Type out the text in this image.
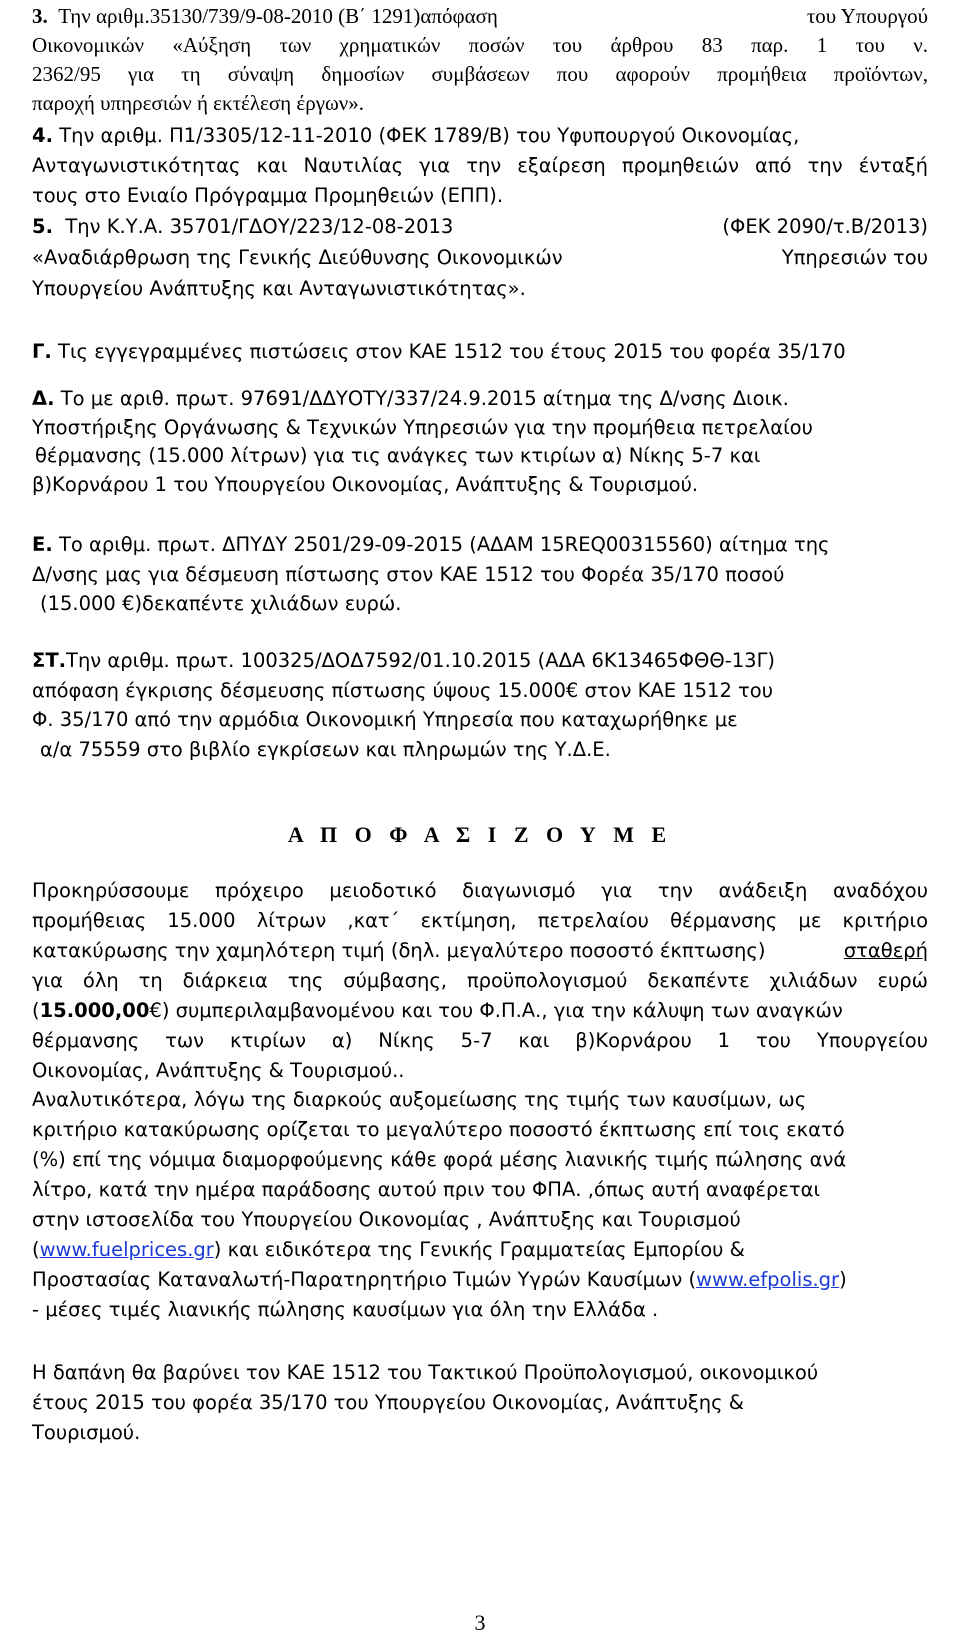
3. Την αριθμ.35130/739/9-08-2010 (Β΄ 1291)απόφαση	του Υπουργού
Οικονομικών «Αύξηση των χρηματικών ποσών του άρθρου 83 παρ. 1 του ν.
2362/95 για τη σύναψη δημοσίων συμβάσεων που αφορούν προμήθεια προϊόντων,
παροχή υπηρεσιών ή εκτέλεση έργων».
4. Την αριθμ. Π1/3305/12-11-2010 (ΦΕΚ 1789/Β) του Υφυπουργού Οικονομίας,
Ανταγωνιστικότητας και Ναυτιλίας για την εξαίρεση προμηθειών από την ένταξή
τους στο Ενιαίο Πρόγραμμα Προμηθειών (ΕΠΠ).
5. Την Κ.Υ.Α. 35701/ΓΔΟΥ/223/12-08-2013	(ΦΕΚ 2090/τ.Β/2013)
«Αναδιάρθρωση της Γενικής Διεύθυνσης Οικονομικών	Υπηρεσιών του
Υπουργείου Ανάπτυξης και Ανταγωνιστικότητας».
Γ. Τις εγγεγραμμένες πιστώσεις στον ΚΑΕ 1512 του έτους 2015 του φορέα 35/170
Δ. Το με αριθ. πρωτ. 97691/ΔΔΥΟΤΥ/337/24.9.2015 αίτημα της Δ/νσης Διοικ.
Υποστήριξης Οργάνωσης & Τεχνικών Υπηρεσιών για την προμήθεια πετρελαίου
θέρμανσης (15.000 λίτρων) για τις ανάγκες των κτιρίων α) Νίκης 5-7 και
β)Κορνάρου 1 του Υπουργείου Οικονομίας, Ανάπτυξης & Τουρισμού.
Ε. Το αριθμ. πρωτ. ΔΠΥΔΥ 2501/29-09-2015 (ΑΔΑΜ 15REQ00315560) αίτημα της
Δ/νσης μας για δέσμευση πίστωσης στον ΚΑΕ 1512 του Φορέα 35/170 ποσού
(15.000 €)δεκαπέντε χιλιάδων ευρώ.
ΣΤ.Την αριθμ. πρωτ. 100325/ΔΟΔ7592/01.10.2015 (ΑΔΑ 6Κ13465ΦΘΘ-13Γ)
απόφαση έγκρισης δέσμευσης πίστωσης ύψους 15.000€ στον ΚΑΕ 1512 του
Φ. 35/170 από την αρμόδια Οικονομική Υπηρεσία που καταχωρήθηκε με
α/α 75559 στο βιβλίο εγκρίσεων και πληρωμών της Υ.Δ.Ε.
Α Π Ο Φ Α Σ Ι Ζ Ο Υ Μ Ε
Προκηρύσσουμε πρόχειρο μειοδοτικό διαγωνισμό για την ανάδειξη αναδόχου
προμήθειας 15.000 λίτρων ,κατ΄ εκτίμηση, πετρελαίου θέρμανσης με κριτήριο
κατακύρωσης την χαμηλότερη τιμή (δηλ. μεγαλύτερο ποσοστό έκπτωσης)	σταθερή
για όλη τη διάρκεια της σύμβασης, προϋπολογισμού δεκαπέντε χιλιάδων ευρώ
(15.000,00€) συμπεριλαμβανομένου και του Φ.Π.Α., για την κάλυψη των αναγκών
θέρμανσης των κτιρίων α) Νίκης 5-7 και β)Κορνάρου 1 του Υπουργείου
Οικονομίας, Ανάπτυξης & Τουρισμού..
Αναλυτικότερα, λόγω της διαρκούς αυξομείωσης της τιμής των καυσίμων, ως
κριτήριο κατακύρωσης ορίζεται το μεγαλύτερο ποσοστό έκπτωσης επί τοις εκατό
(%) επί της νόμιμα διαμορφούμενης κάθε φορά μέσης λιανικής τιμής πώλησης ανά
λίτρο, κατά την ημέρα παράδοσης αυτού πριν του ΦΠΑ. ,όπως αυτή αναφέρεται
στην ιστοσελίδα του Υπουργείου Οικονομίας , Ανάπτυξης και Τουρισμού
(www.fuelprices.gr) και ειδικότερα της Γενικής Γραμματείας Εμπορίου &
Προστασίας Καταναλωτή-Παρατηρητήριο Τιμών Υγρών Καυσίμων (www.efpolis.gr)
- μέσες τιμές λιανικής πώλησης καυσίμων για όλη την Ελλάδα .
Η δαπάνη θα βαρύνει τον ΚΑΕ 1512 του Τακτικού Προϋπολογισμού, οικονομικού
έτους 2015 του φορέα 35/170 του Υπουργείου Οικονομίας, Ανάπτυξης &
Τουρισμού.
3
